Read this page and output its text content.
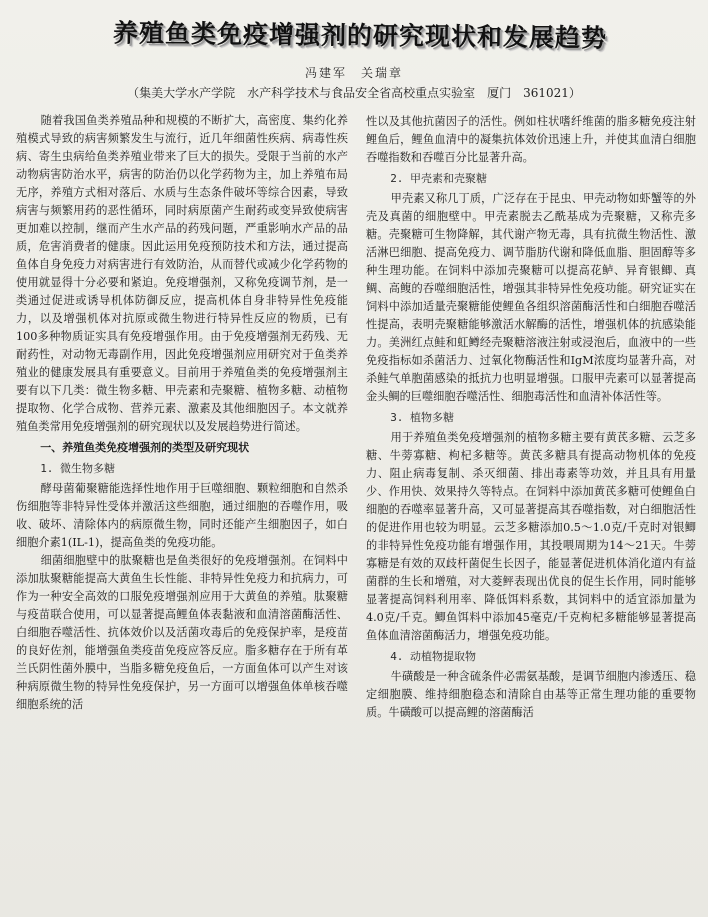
养殖鱼类免疫增强剂的研究现状和发展趋势
冯建军　关瑞章
（集美大学水产学院　水产科学技术与食品安全省高校重点实验室　厦门　361021）
随着我国鱼类养殖品种和规模的不断扩大，高密度、集约化养殖模式导致的病害频繁发生与流行，近几年细菌性疾病、病毒性疾病、寄生虫病给鱼类养殖业带来了巨大的损失。受限于当前的水产动物病害防治水平，病害的防治仍以化学药物为主，加上养殖布局无序，养殖方式相对落后、水质与生态条件破坏等综合因素，导致病害与频繁用药的恶性循环，同时病原菌产生耐药或变异致使病害更加难以控制，继而产生水产品的药残问题，严重影响水产品的品质，危害消费者的健康。因此运用免疫预防技术和方法，通过提高鱼体自身免疫力对病害进行有效防治，从而替代或减少化学药物的使用就显得十分必要和紧迫。免疫增强剂，又称免疫调节剂，是一类通过促进或诱导机体防御反应，提高机体自身非特异性免疫能力，以及增强机体对抗原或微生物进行特异性反应的物质，已有100多种物质证实具有免疫增强作用。由于免疫增强剂无药残、无耐药性，对动物无毒副作用，因此免疫增强剂应用研究对于鱼类养殖业的健康发展具有重要意义。目前用于养殖鱼类的免疫增强剂主要有以下几类：微生物多糖、甲壳素和壳聚糖、植物多糖、动植物提取物、化学合成物、营养元素、激素及其他细胞因子。本文就养殖鱼类常用免疫增强剂的研究现状以及发展趋势进行简述。
一、养殖鱼类免疫增强剂的类型及研究现状
1. 微生物多糖
酵母菌葡聚糖能选择性地作用于巨噬细胞、颗粒细胞和自然杀伤细胞等非特异性受体并激活这些细胞，通过细胞的吞噬作用，吸收、破坏、清除体内的病原微生物，同时还能产生细胞因子，如白细胞介素1(IL-1)，提高鱼类的免疫功能。
细菌细胞壁中的肽聚糖也是鱼类很好的免疫增强剂。在饲料中添加肽聚糖能提高大黄鱼生长性能、非特异性免疫力和抗病力，可作为一种安全高效的口服免疫增强剂应用于大黄鱼的养殖。肽聚糖与疫苗联合使用，可以显著提高鲤鱼体表黏液和血清溶菌酶活性、白细胞吞噬活性、抗体效价以及活菌攻毒后的免疫保护率，是疫苗的良好佐剂，能增强鱼类疫苗免疫应答反应。脂多糖存在于所有革兰氏阴性菌外膜中，当脂多糖免疫鱼后，一方面鱼体可以产生对该种病原微生物的特异性免疫保护，另一方面可以增强鱼体单核吞噬细胞系统的活
性以及其他抗菌因子的活性。例如柱状嗜纤维菌的脂多糖免疫注射鲤鱼后，鲤鱼血清中的凝集抗体效价迅速上升，并使其血清白细胞吞噬指数和吞噬百分比显著升高。
2. 甲壳素和壳聚糖
甲壳素又称几丁质，广泛存在于昆虫、甲壳动物如虾蟹等的外壳及真菌的细胞壁中。甲壳素脱去乙酰基成为壳聚糖，又称壳多糖。壳聚糖可生物降解，其代谢产物无毒，具有抗微生物活性、激活淋巴细胞、提高免疫力、调节脂肪代谢和降低血脂、胆固醇等多种生理功能。在饲料中添加壳聚糖可以提高花鲈、异育银鲫、真鲷、高鳆的吞噬细胞活性，增强其非特异性免疫功能。研究证实在饲料中添加适量壳聚糖能使鲤鱼各组织溶菌酶活性和白细胞吞噬活性提高，表明壳聚糖能够激活水解酶的活性，增强机体的抗感染能力。美洲红点鲑和虹鳟经壳聚糖溶液注射或浸泡后，血液中的一些免疫指标如杀菌活力、过氧化物酶活性和IgM浓度均显著升高，对杀鲑气单胞菌感染的抵抗力也明显增强。口服甲壳素可以显著提高金头鲷的巨噬细胞吞噬活性、细胞毒活性和血清补体活性等。
3. 植物多糖
用于养殖鱼类免疫增强剂的植物多糖主要有黄芪多糖、云芝多糖、牛蒡寡糖、枸杞多糖等。黄芪多糖具有提高动物机体的免疫力、阻止病毒复制、杀灭细菌、排出毒素等功效，并且具有用量少、作用快、效果持久等特点。在饲料中添加黄芪多糖可使鲤鱼白细胞的吞噬率显著升高，又可显著提高其吞噬指数，对白细胞活性的促进作用也较为明显。云芝多糖添加0.5～1.0克/千克时对银鲫的非特异性免疫功能有增强作用，其投喂周期为14～21天。牛蒡寡糖是有效的双歧杆菌促生长因子，能显著促进机体消化道内有益菌群的生长和增殖，对大菱鲆表现出优良的促生长作用，同时能够显著提高饲料利用率、降低饵料系数，其饲料中的适宜添加量为4.0克/千克。鲫鱼饵料中添加45毫克/千克枸杞多糖能够显著提高鱼体血清溶菌酶活力，增强免疫功能。
4. 动植物提取物
牛磺酸是一种含硫条件必需氨基酸，是调节细胞内渗透压、稳定细胞膜、维持细胞稳态和清除自由基等正常生理功能的重要物质。牛磺酸可以提高鲤的溶菌酶活
